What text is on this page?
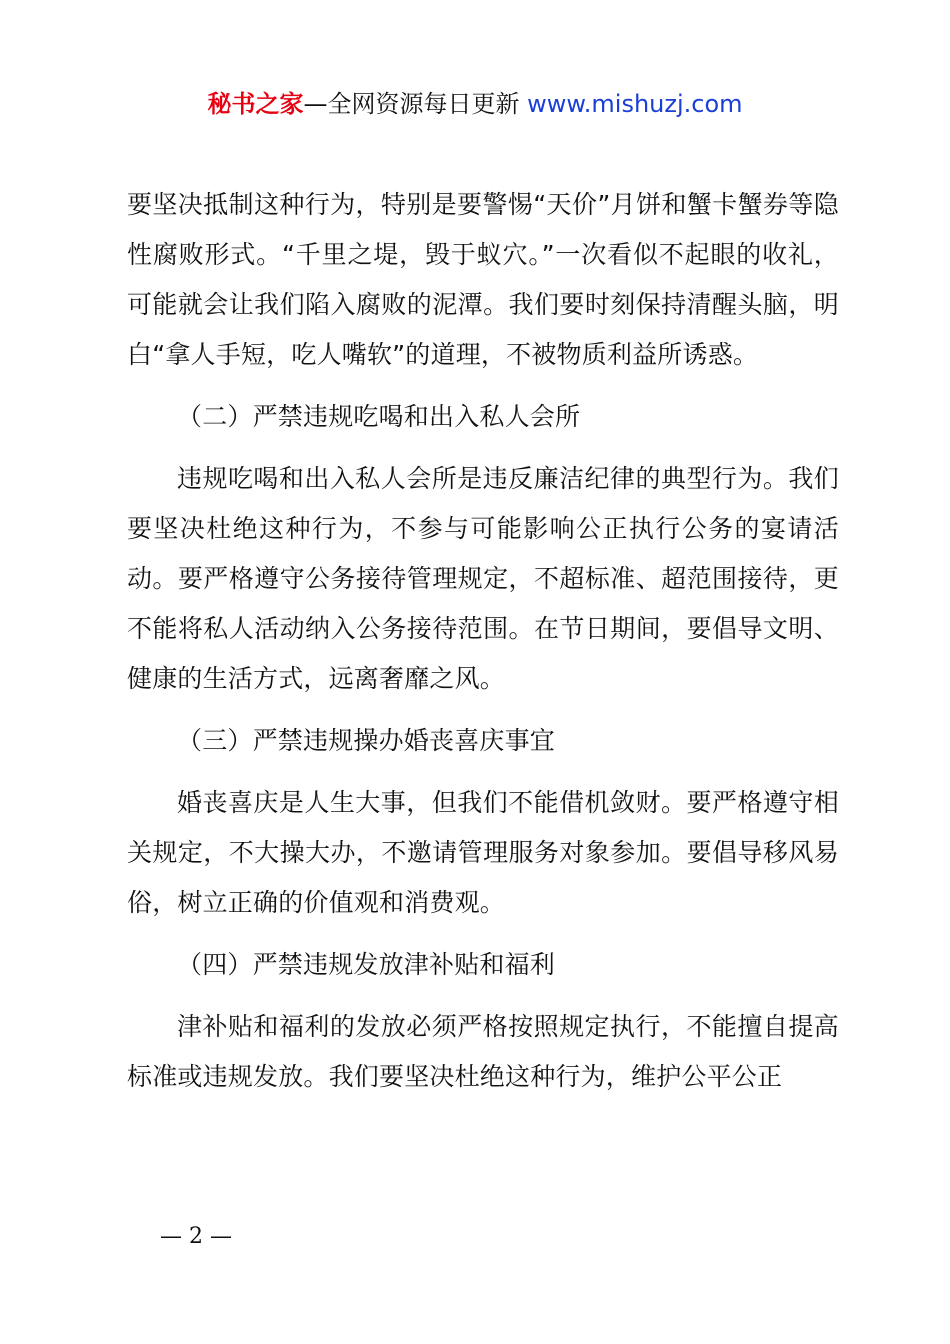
秘书之家—全网资源每日更新 www.mishuzj.com

要坚决抵制这种行为，特别是要警惕“天价”月饼和蟹卡蟹券等隐性腐败形式。“千里之堤，毁于蚁穴。”一次看似不起眼的收礼，可能就会让我们陷入腐败的泥潭。我们要时刻保持清醒头脑，明白“拿人手短，吃人嘴软”的道理，不被物质利益所诱惑。

（二）严禁违规吃喝和出入私人会所

违规吃喝和出入私人会所是违反廉洁纪律的典型行为。我们要坚决杜绝这种行为，不参与可能影响公正执行公务的宴请活动。要严格遵守公务接待管理规定，不超标准、超范围接待，更不能将私人活动纳入公务接待范围。在节日期间，要倡导文明、健康的生活方式，远离奢靡之风。

（三）严禁违规操办婚丧喜庆事宜

婚丧喜庆是人生大事，但我们不能借机敛财。要严格遵守相关规定，不大操大办，不邀请管理服务对象参加。要倡导移风易俗，树立正确的价值观和消费观。

（四）严禁违规发放津补贴和福利

津补贴和福利的发放必须严格按照规定执行，不能擅自提高标准或违规发放。我们要坚决杜绝这种行为，维护公平公正

— 2 —
